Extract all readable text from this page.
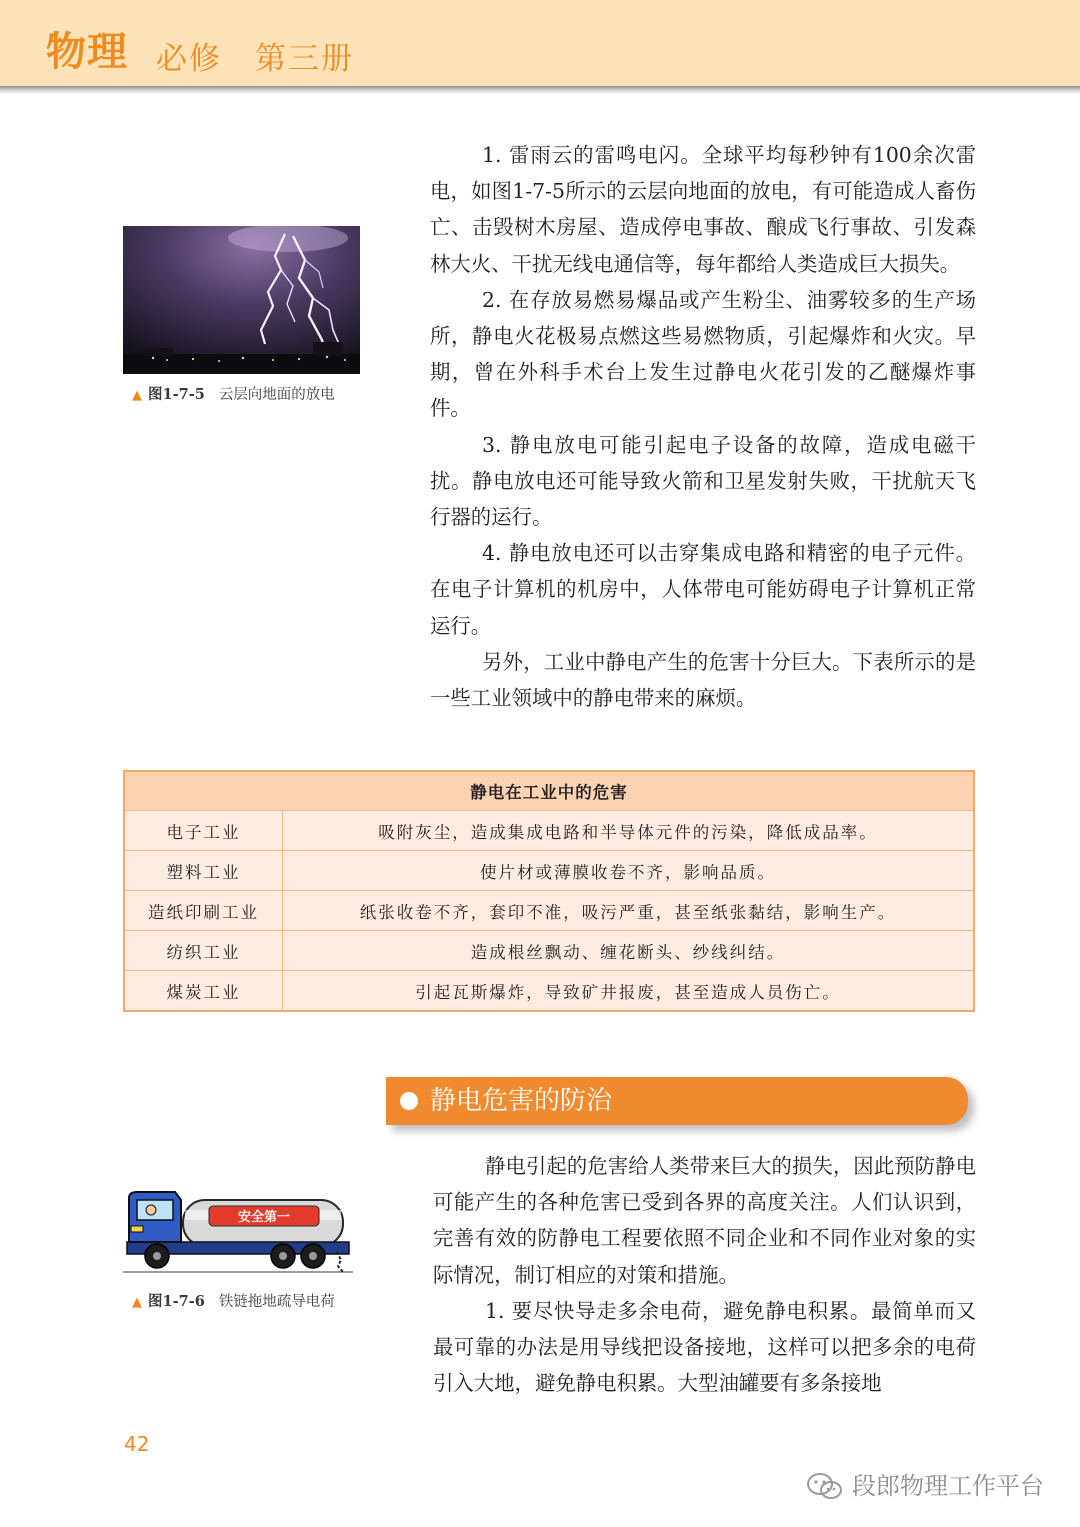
物理 必修　第三册
▲ 图1-7-5 云层向地面的放电

1. 雷雨云的雷鸣电闪。全球平均每秒钟有100余次雷电，如图1-7-5所示的云层向地面的放电，有可能造成人畜伤亡、击毁树木房屋、造成停电事故、酿成飞行事故、引发森林大火、干扰无线电通信等，每年都给人类造成巨大损失。

2. 在存放易燃易爆品或产生粉尘、油雾较多的生产场所，静电火花极易点燃这些易燃物质，引起爆炸和火灾。早期，曾在外科手术台上发生过静电火花引发的乙醚爆炸事件。

3. 静电放电可能引起电子设备的故障，造成电磁干扰。静电放电还可能导致火箭和卫星发射失败，干扰航天飞行器的运行。

4. 静电放电还可以击穿集成电路和精密的电子元件。在电子计算机的机房中，人体带电可能妨碍电子计算机正常运行。

另外，工业中静电产生的危害十分巨大。下表所示的是一些工业领域中的静电带来的麻烦。

静电在工业中的危害	
电子工业	吸附灰尘，造成集成电路和半导体元件的污染，降低成品率。
塑料工业	使片材或薄膜收卷不齐，影响品质。
造纸印刷工业	纸张收卷不齐，套印不准，吸污严重，甚至纸张黏结，影响生产。
纺织工业	造成根丝飘动、缠花断头、纱线纠结。
煤炭工业	引起瓦斯爆炸，导致矿井报废，甚至造成人员伤亡。
静电危害的防治
安全第一
▲ 图1-7-6 铁链拖地疏导电荷

静电引起的危害给人类带来巨大的损失，因此预防静电可能产生的各种危害已受到各界的高度关注。人们认识到，完善有效的防静电工程要依照不同企业和不同作业对象的实际情况，制订相应的对策和措施。

1. 要尽快导走多余电荷，避免静电积累。最简单而又最可靠的办法是用导线把设备接地，这样可以把多余的电荷引入大地，避免静电积累。大型油罐要有多条接地

42
段郎物理工作平台
